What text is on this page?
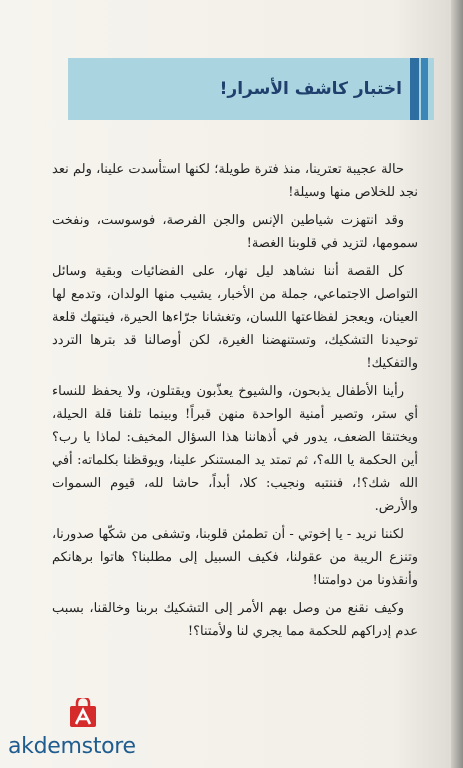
اختبار كاشف الأسرار!

حالة عجيبة تعترينا، منذ فترة طويلة؛ لكنها استأسدت علينا، ولم نعد نجد للخلاص منها وسيلة!

وقد انتهزت شياطين الإنس والجن الفرصة، فوسوست، ونفخت سمومها، لتزيد في قلوبنا الغصة!

كل القصة أننا نشاهد ليل نهار، على الفضائيات وبقية وسائل التواصل الاجتماعي، جملة من الأخبار، يشيب منها الولدان، وتدمع لها العينان، ويعجز لفظاعتها اللسان، وتغشانا جرّاءها الحيرة، فينتهك قلعة توحيدنا التشكيك، وتستنهضنا الغيرة، لكن أوصالنا قد بترها التردد والتفكيك!

رأينا الأطفال يذبحون، والشيوخ يعذّبون ويقتلون، ولا يحفظ للنساء أي ستر، وتصير أمنية الواحدة منهن قبراً! وبينما تلفنا قلة الحيلة، ويختنقا الضعف، يدور في أذهاننا هذا السؤال المخيف: لماذا يا رب؟ أين الحكمة يا الله؟، ثم تمتد يد المستنكر علينا، ويوقظنا بكلماته: أفي الله شك؟!، فننتبه ونجيب: كلا، أبداً، حاشا لله، قيوم السموات والأرض.

لكننا نريد - يا إخوتي - أن تطمئن قلوبنا، وتشفى من شكّها صدورنا، وتنزع الريبة من عقولنا، فكيف السبيل إلى مطلبنا؟ هاتوا برهانكم وأنقذونا من دوامتنا!

وكيف نقنع من وصل بهم الأمر إلى التشكيك بربنا وخالقنا، بسبب عدم إدراكهم للحكمة مما يجري لنا ولأمتنا؟!

akdemstore
